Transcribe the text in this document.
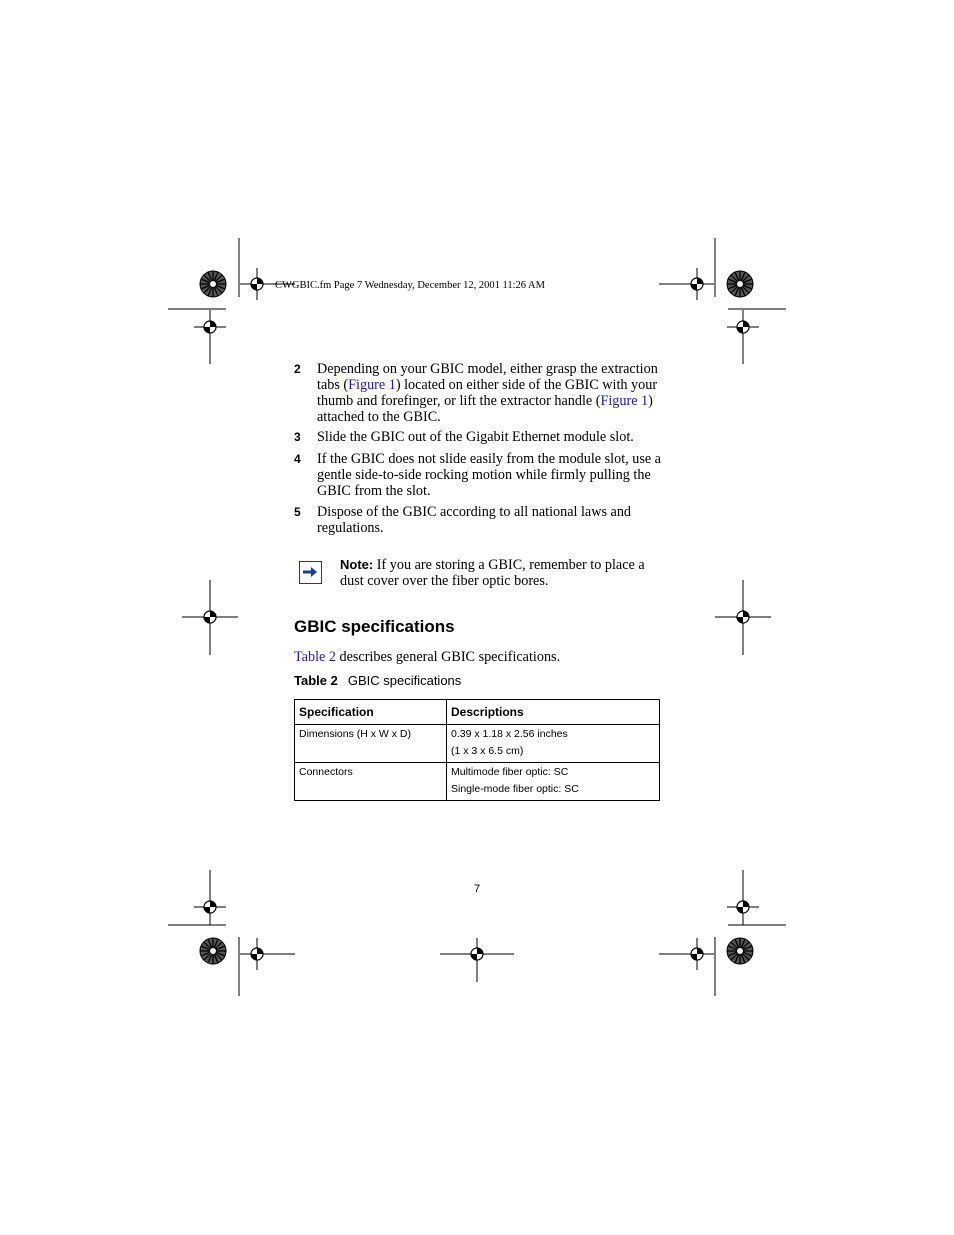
CWGBIC.fm Page 7 Wednesday, December 12, 2001 11:26 AM
2 Depending on your GBIC model, either grasp the extraction tabs (Figure 1) located on either side of the GBIC with your thumb and forefinger, or lift the extractor handle (Figure 1) attached to the GBIC.
3 Slide the GBIC out of the Gigabit Ethernet module slot.
4 If the GBIC does not slide easily from the module slot, use a gentle side-to-side rocking motion while firmly pulling the GBIC from the slot.
5 Dispose of the GBIC according to all national laws and regulations.
Note: If you are storing a GBIC, remember to place a dust cover over the fiber optic bores.
GBIC specifications
Table 2 describes general GBIC specifications.
Table 2 GBIC specifications
Specification	Descriptions
Dimensions (H x W x D)	0.39 x 1.18 x 2.56 inches
(1 x 3 x 6.5 cm)

Connectors	Multimode fiber optic: SC
Single-mode fiber optic: SC
7
